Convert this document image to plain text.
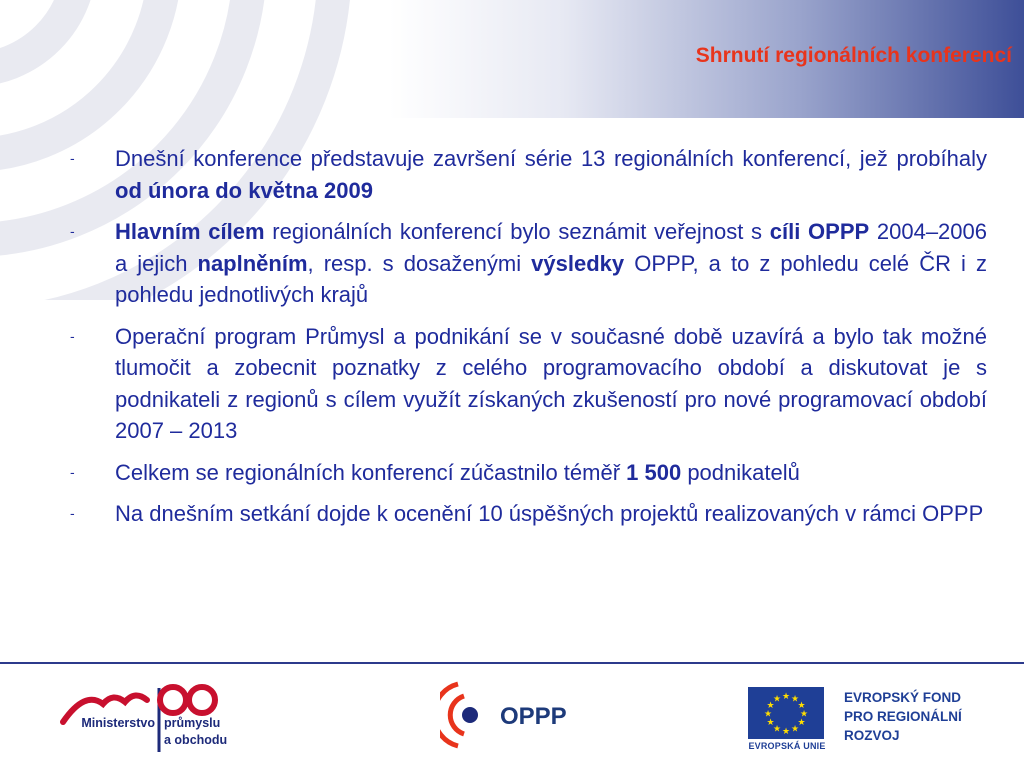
Shrnutí regionálních konferencí
- Dnešní konference představuje završení série 13 regionálních konferencí, jež probíhaly od února do května 2009
- Hlavním cílem regionálních konferencí bylo seznámit veřejnost s cíli OPPP 2004–2006 a jejich naplněním, resp. s dosaženými výsledky OPPP, a to z pohledu celé ČR i z pohledu jednotlivých krajů
- Operační program Průmysl a podnikání se v současné době uzavírá a bylo tak možné tlumočit a zobecnit poznatky z celého programovacího období a diskutovat je s podnikateli z regionů s cílem využít získaných zkušeností pro nové programovací období 2007 – 2013
- Celkem se regionálních konferencí zúčastnilo téměř 1 500 podnikatelů
- Na dnešním setkání dojde k ocenění 10 úspěšných projektů realizovaných v rámci OPPP
Ministerstvo průmyslu
a obchodu
OPPP
★ ★
★
★
★
★
★
★
★
★
★
★
EVROPSKÁ UNIE
EVROPSKÝ FOND
PRO REGIONÁLNÍ
ROZVOJ
